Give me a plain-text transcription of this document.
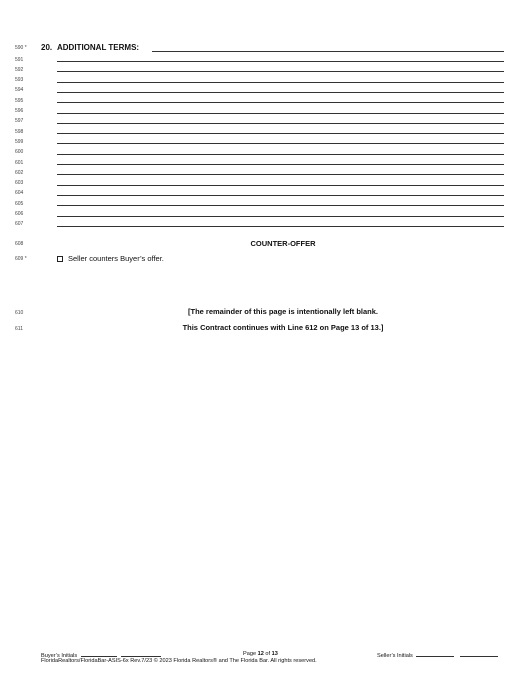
590 * 20. ADDITIONAL TERMS:
591
592
593
594
595
596
597
598
599
600
601
602
603
604
605
606
607
608	COUNTER-OFFER
609 *	Seller counters Buyer’s offer.
610	[The remainder of this page is intentionally left blank.
611	This Contract continues with Line 612 on Page 13 of 13.]
Buyer’s Initials	Page 12 of 13	Seller’s Initials
FloridaRealtors/FloridaBar-ASIS-6x Rev.7/23 © 2023 Florida Realtors® and The Florida Bar. All rights reserved.
